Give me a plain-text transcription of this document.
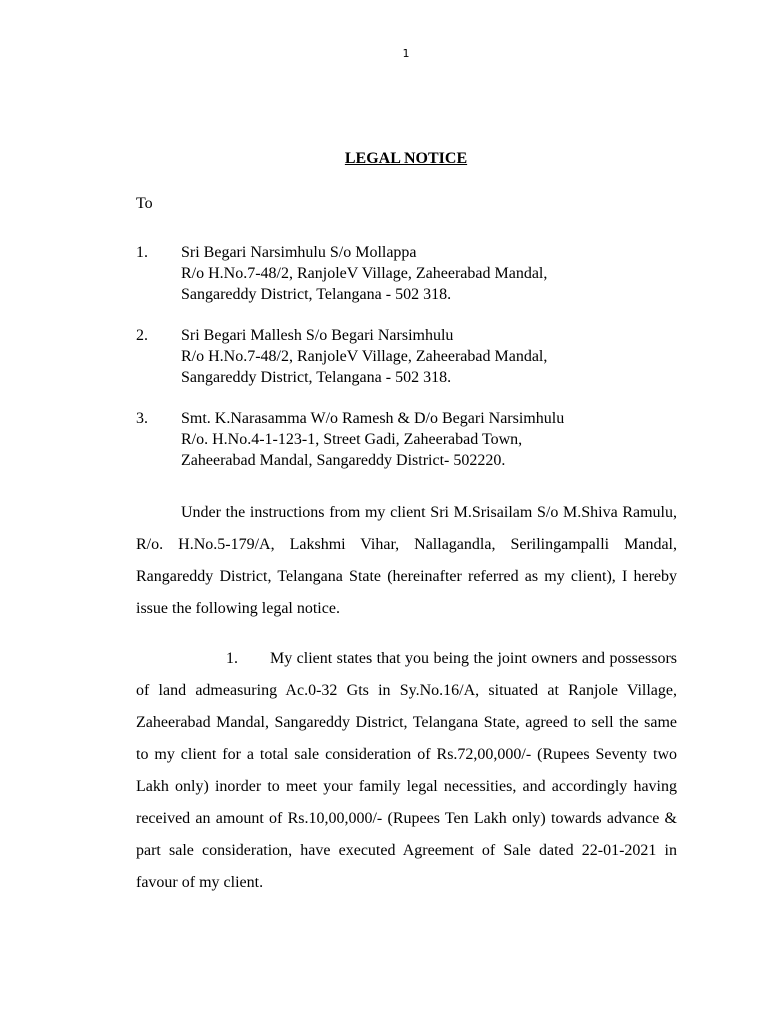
1
LEGAL NOTICE
To
1. Sri Begari Narsimhulu S/o Mollappa
R/o H.No.7-48/2, RanjoleV Village, Zaheerabad Mandal,
Sangareddy District, Telangana - 502 318.
2. Sri Begari Mallesh S/o Begari Narsimhulu
R/o H.No.7-48/2, RanjoleV Village, Zaheerabad Mandal,
Sangareddy District, Telangana - 502 318.
3. Smt. K.Narasamma W/o Ramesh & D/o Begari Narsimhulu
R/o. H.No.4-1-123-1, Street Gadi, Zaheerabad Town,
Zaheerabad Mandal, Sangareddy District- 502220.
Under the instructions from my client Sri M.Srisailam S/o M.Shiva Ramulu, R/o. H.No.5-179/A, Lakshmi Vihar, Nallagandla, Serilingampalli Mandal, Rangareddy District, Telangana State (hereinafter referred as my client), I hereby issue the following legal notice.
1.   My client states that you being the joint owners and possessors of land admeasuring Ac.0-32 Gts in Sy.No.16/A, situated at Ranjole Village, Zaheerabad Mandal, Sangareddy District, Telangana State, agreed to sell the same to my client for a total sale consideration of Rs.72,00,000/- (Rupees Seventy two Lakh only) inorder to meet your family legal necessities, and accordingly having received an amount of Rs.10,00,000/- (Rupees Ten Lakh only) towards advance & part sale consideration, have executed Agreement of Sale dated 22-01-2021 in favour of my client.
